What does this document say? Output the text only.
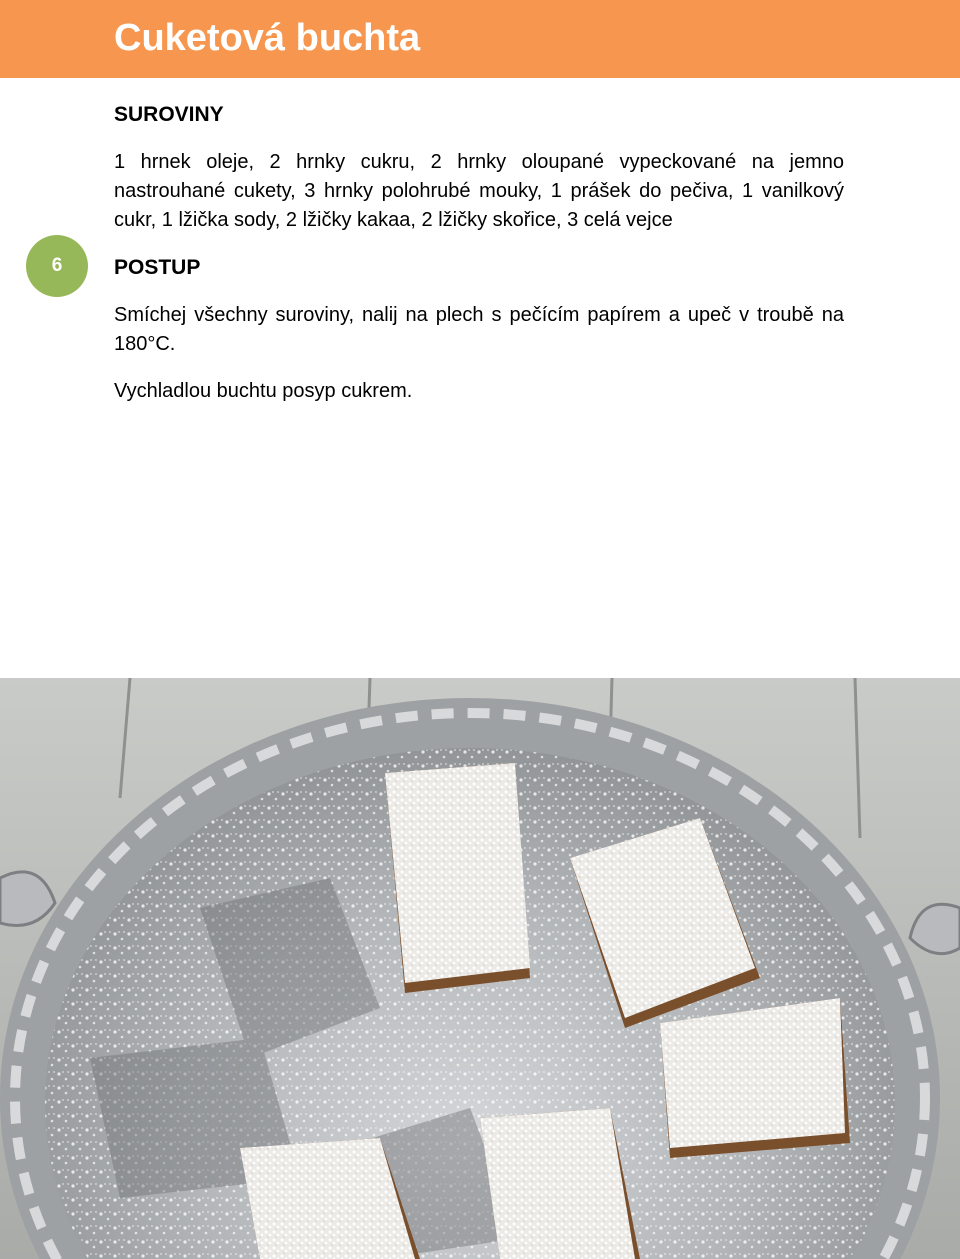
Cuketová buchta
6
SUROVINY

1 hrnek oleje, 2 hrnky cukru, 2 hrnky oloupané vypeckované na jemno nastrouhané cukety, 3 hrnky polohrubé mouky, 1 prášek do pečiva, 1 vanilkový cukr, 1 lžička sody, 2 lžičky kakaa, 2 lžičky skořice, 3 celá vejce

POSTUP

Smíchej všechny suroviny, nalij na plech s pečícím papírem a upeč v troubě na 180°C.

Vychladlou buchtu posyp cukrem.
